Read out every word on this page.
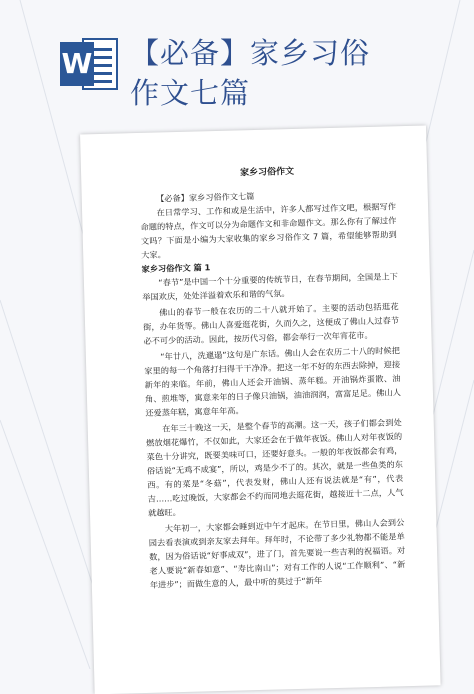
W 【必备】家乡习俗
作文七篇
家乡习俗作文
【必备】家乡习俗作文七篇
在日常学习、工作和或是生活中，许多人都写过作文吧，根据写作命题的特点，作文可以分为命题作文和非命题作文。那么你有了解过作文吗？下面是小编为大家收集的家乡习俗作文 7 篇，希望能够帮助到大家。
家乡习俗作文 篇 1
“春节”是中国一个十分重要的传统节日，在春节期间，全国是上下举国欢庆，处处洋溢着欢乐和谐的气氛。
佛山的春节一般在农历的二十八就开始了。主要的活动包括逛花街，办年货等。佛山人喜爱逛花街，久而久之，这便成了佛山人过春节必不可少的活动。因此，按历代习俗，都会举行一次年宵花市。
“年廿八，洗邋遢”这句是广东话。佛山人会在农历二十八的时候把家里的每一个角落打扫得干干净净。把这一年不好的东西去除掉，迎接新年的来临。年前，佛山人还会开油锅、蒸年糕。开油锅炸蛋散、油角、煎堆等，寓意来年的日子像只油锅，油油润润，富富足足。佛山人还爱蒸年糕，寓意年年高。
在年三十晚这一天，是整个春节的高潮。这一天，孩子们都会到处燃放烟花爆竹，不仅如此，大家还会在于做年夜饭。佛山人对年夜饭的菜色十分讲究，既要美味可口，还要好意头。一般的年夜饭都会有鸡，俗话说“无鸡不成宴”，所以，鸡是少不了的。其次，就是一些鱼类的东西。有的菜是“冬菇”，代表发财，佛山人还有说法就是“有”，代表吉……吃过晚饭，大家都会不约而同地去逛花街，越接近十二点，人气就越旺。
大年初一，大家都会睡到近中午才起床。在节日里，佛山人会到公园去看表演或到亲友家去拜年。拜年时，不论带了多少礼物都不能是单数，因为俗话说“好事成双”，进了门，首先要说一些吉利的祝福语。对老人要说“新春如意”、“寿比南山”；对有工作的人说“工作顺利”、“新年进步”；而做生意的人，最中听的莫过于“新年
